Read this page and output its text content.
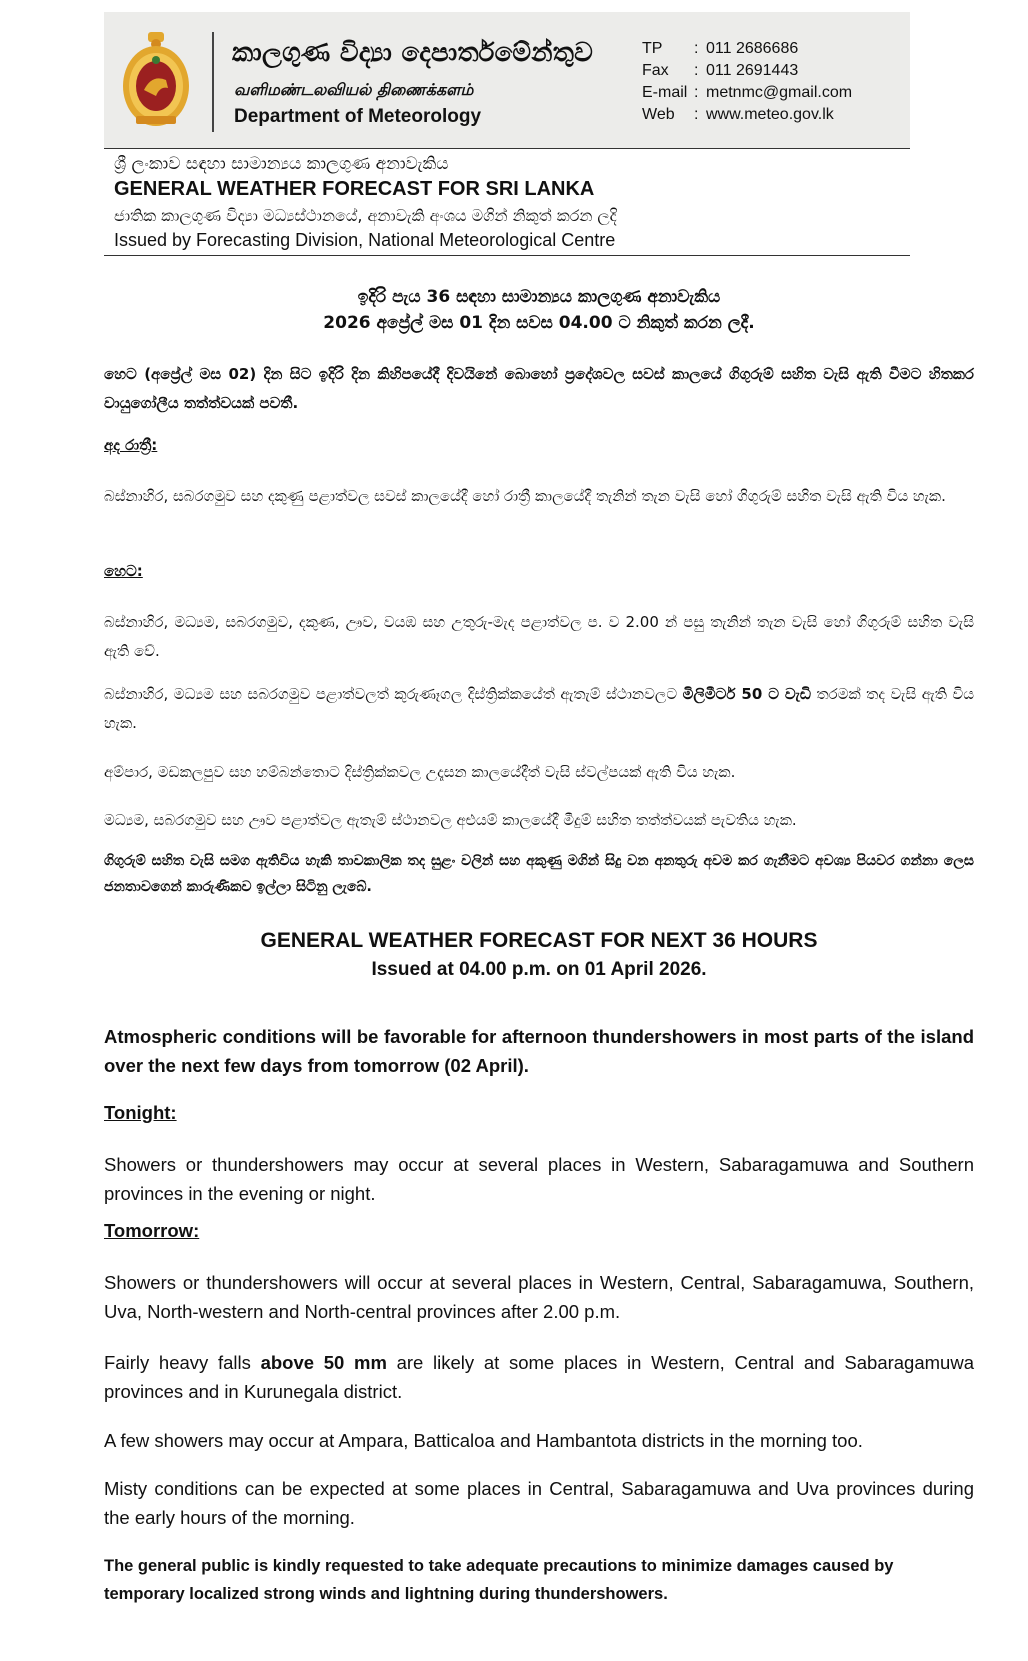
කාලගුණ විද්‍යා දෙපාර්තමේන්තුව
வளிமண்டலவியல் திணைக்களம்
Department of Meteorology
TP	: 011 2686686
Fax	: 011 2691443
E-mail : metnmc@gmail.com
Web	: www.meteo.gov.lk
ශ්‍රී ලංකාව සඳහා සාමාන්‍යය කාලගුණ අනාවැකිය
GENERAL WEATHER FORECAST FOR SRI LANKA
ජාතික කාලගුණ විද්‍යා මධ්‍යස්ථානයේ, අනාවැකි අංශය මගින් නිකුත් කරන ලදි
Issued by Forecasting Division, National Meteorological Centre
ඉදිරි පැය 36 සඳහා සාමාන්‍යය කාලගුණ අනාවැකිය
2026 අප්‍රේල් මස 01 දින සවස 04.00 ට නිකුත් කරන ලදී.
හෙට (අප්‍රේල් මස 02) දින සිට ඉදිරි දින කිහිපයේදී දිවයිනේ බොහෝ ප්‍රදේශවල සවස් කාලයේ ගිගුරුම් සහිත වැසි ඇති වීමට හිතකර වායුගෝලීය තත්ත්වයක් පවතී.
අද රාත්‍රී:
බස්නාහිර, සබරගමුව සහ දකුණු පළාත්වල සවස් කාලයේදී හෝ රාත්‍රී කාලයේදී තැනින් තැන වැසි හෝ ගිගුරුම් සහිත වැසි ඇති විය හැක.
හෙට:
බස්නාහිර, මධ්‍යම, සබරගමුව, දකුණ, ඌව, වයඹ සහ උතුරු-මැද පළාත්වල ප. ව 2.00 න් පසු තැනින් තැන වැසි හෝ ගිගුරුම් සහිත වැසි ඇති වේ.
බස්නාහිර, මධ්‍යම සහ සබරගමුව පළාත්වලත් කුරුණෑගල දිස්ත්‍රික්කයේත් ඇතැම් ස්ථානවලට මිලිමීටර් 50 ට වැඩි තරමක් තද වැසි ඇති විය හැක.
අම්පාර, මඩකලපුව සහ හම්බන්තොට දිස්ත්‍රික්කවල උදෑසන කාලයේදීත් වැසි ස්වල්පයක් ඇති විය හැක.
මධ්‍යම, සබරගමුව සහ ඌව පළාත්වල ඇතැම් ස්ථානවල අළුයම් කාලයේදී මීදුම් සහිත තත්ත්වයක් පැවතිය හැක.
ගිගුරුම් සහිත වැසි සමග ඇතිවිය හැකි තාවකාලික තද සුළං වලින් සහ අකුණු මගින් සිදු වන අනතුරු අවම කර ගැනීමට අවශ්‍ය පියවර ගන්නා ලෙස ජනතාවගෙන් කාරුණිකව ඉල්ලා සිටිනු ලැබේ.
GENERAL WEATHER FORECAST FOR NEXT 36 HOURS
Issued at 04.00 p.m. on 01 April 2026.
Atmospheric conditions will be favorable for afternoon thundershowers in most parts of the island over the next few days from tomorrow (02 April).
Tonight:
Showers or thundershowers may occur at several places in Western, Sabaragamuwa and Southern provinces in the evening or night.
Tomorrow:
Showers or thundershowers will occur at several places in Western, Central, Sabaragamuwa, Southern, Uva, North-western and North-central provinces after 2.00 p.m.
Fairly heavy falls above 50 mm are likely at some places in Western, Central and Sabaragamuwa provinces and in Kurunegala district.
A few showers may occur at Ampara, Batticaloa and Hambantota districts in the morning too.
Misty conditions can be expected at some places in Central, Sabaragamuwa and Uva provinces during the early hours of the morning.
The general public is kindly requested to take adequate precautions to minimize damages caused by temporary localized strong winds and lightning during thundershowers.
